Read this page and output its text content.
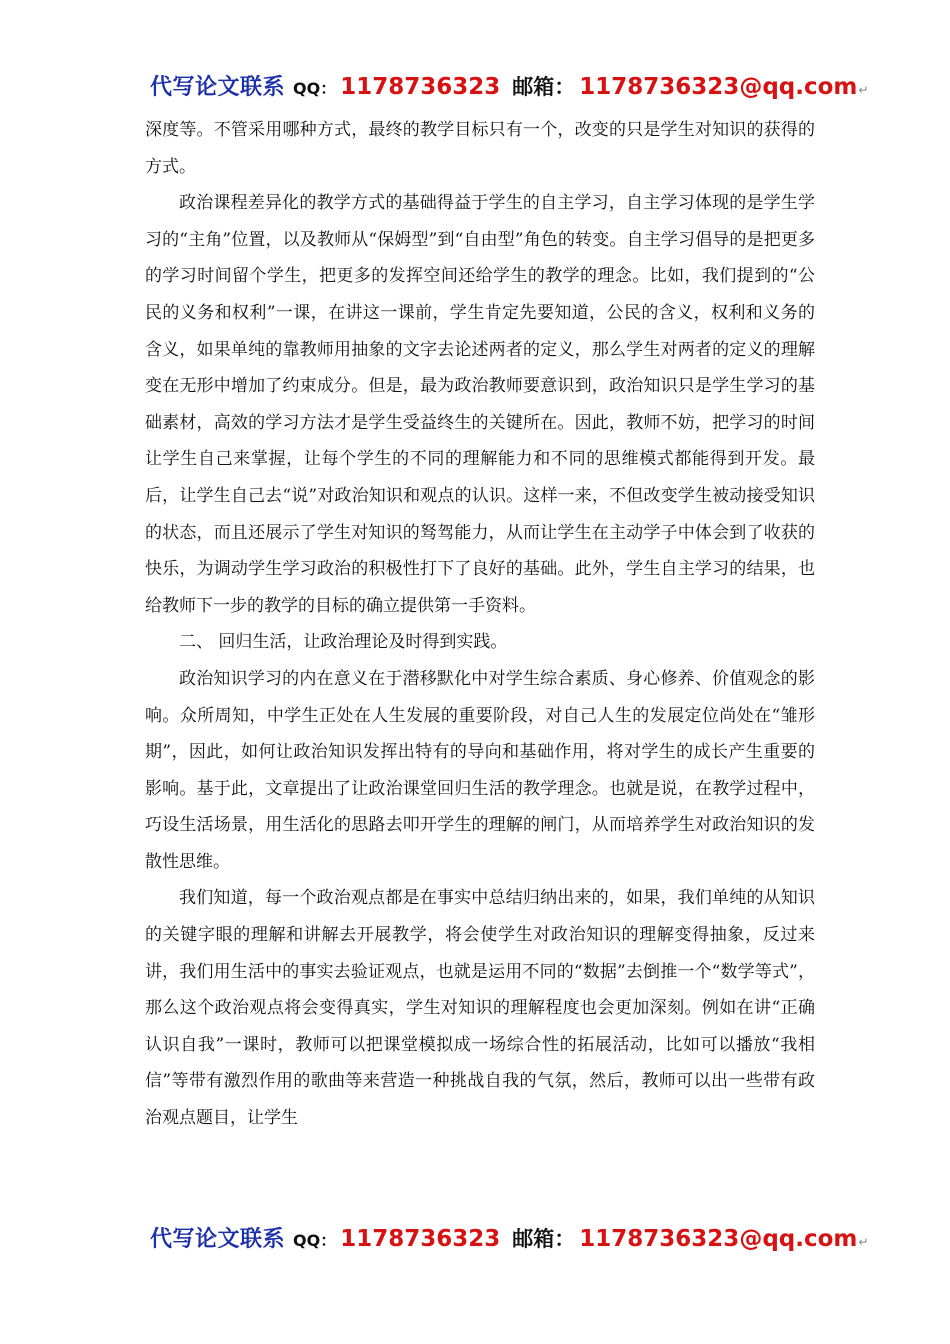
代写论文联系 QQ： 1178736323 邮箱： 1178736323@qq.com ↵

深度等。不管采用哪种方式，最终的教学目标只有一个，改变的只是学生对知识的获得的方式。

政治课程差异化的教学方式的基础得益于学生的自主学习，自主学习体现的是学生学习的“主角”位置，以及教师从“保姆型”到“自由型”角色的转变。自主学习倡导的是把更多的学习时间留个学生，把更多的发挥空间还给学生的教学的理念。比如，我们提到的“公民的义务和权利”一课，在讲这一课前，学生肯定先要知道，公民的含义，权利和义务的含义，如果单纯的靠教师用抽象的文字去论述两者的定义，那么学生对两者的定义的理解变在无形中增加了约束成分。但是，最为政治教师要意识到，政治知识只是学生学习的基础素材，高效的学习方法才是学生受益终生的关键所在。因此，教师不妨，把学习的时间让学生自己来掌握，让每个学生的不同的理解能力和不同的思维模式都能得到开发。最后，让学生自己去“说”对政治知识和观点的认识。这样一来，不但改变学生被动接受知识的状态，而且还展示了学生对知识的驽驾能力，从而让学生在主动学子中体会到了收获的快乐，为调动学生学习政治的积极性打下了良好的基础。此外，学生自主学习的结果，也给教师下一步的教学的目标的确立提供第一手资料。

二、 回归生活，让政治理论及时得到实践。

政治知识学习的内在意义在于潜移默化中对学生综合素质、身心修养、价值观念的影响。众所周知，中学生正处在人生发展的重要阶段，对自己人生的发展定位尚处在“雏形期”，因此，如何让政治知识发挥出特有的导向和基础作用，将对学生的成长产生重要的影响。基于此，文章提出了让政治课堂回归生活的教学理念。也就是说，在教学过程中，巧设生活场景，用生活化的思路去叩开学生的理解的闸门，从而培养学生对政治知识的发散性思维。

我们知道，每一个政治观点都是在事实中总结归纳出来的，如果，我们单纯的从知识的关键字眼的理解和讲解去开展教学，将会使学生对政治知识的理解变得抽象，反过来讲，我们用生活中的事实去验证观点，也就是运用不同的“数据”去倒推一个“数学等式”，那么这个政治观点将会变得真实，学生对知识的理解程度也会更加深刻。例如在讲“正确认识自我”一课时，教师可以把课堂模拟成一场综合性的拓展活动，比如可以播放“我相信”等带有激烈作用的歌曲等来营造一种挑战自我的气氛，然后，教师可以出一些带有政治观点题目，让学生

代写论文联系 QQ： 1178736323 邮箱： 1178736323@qq.com ↵
